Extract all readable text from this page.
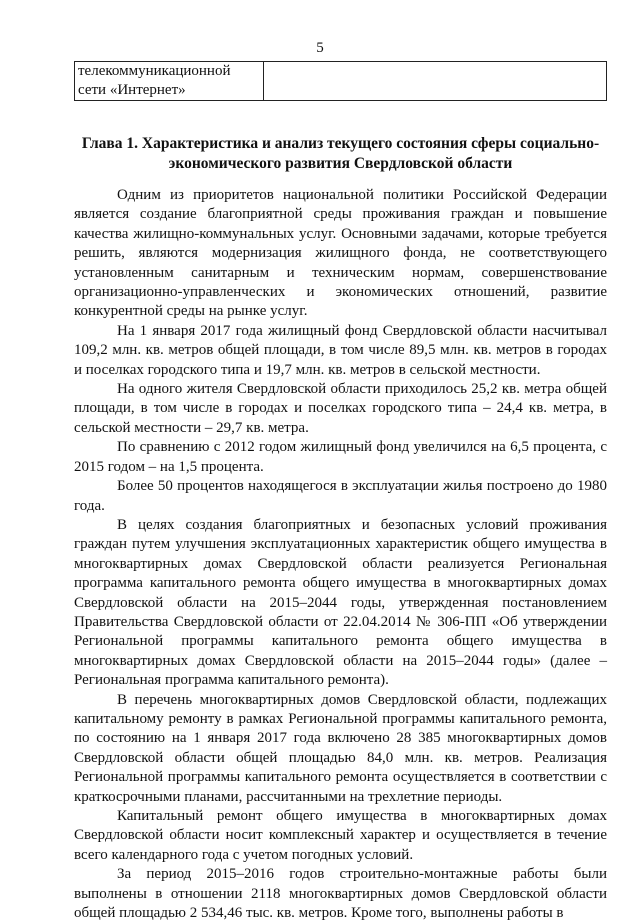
5
телекоммуникационной
сети «Интернет»

Глава 1. Характеристика и анализ текущего состояния сферы социально-
экономического развития Свердловской области

Одним из приоритетов национальной политики Российской Федерации является создание благоприятной среды проживания граждан и повышение качества жилищно-коммунальных услуг. Основными задачами, которые требуется решить, являются модернизация жилищного фонда, не соответствующего установленным санитарным и техническим нормам, совершенствование организационно-управленческих и экономических отношений, развитие конкурентной среды на рынке услуг.

На 1 января 2017 года жилищный фонд Свердловской области насчитывал 109,2 млн. кв. метров общей площади, в том числе 89,5 млн. кв. метров в городах и поселках городского типа и 19,7 млн. кв. метров в сельской местности.

На одного жителя Свердловской области приходилось 25,2 кв. метра общей площади, в том числе в городах и поселках городского типа – 24,4 кв. метра, в сельской местности – 29,7 кв. метра.

По сравнению с 2012 годом жилищный фонд увеличился на 6,5 процента, с 2015 годом – на 1,5 процента.

Более 50 процентов находящегося в эксплуатации жилья построено до 1980 года.

В целях создания благоприятных и безопасных условий проживания граждан путем улучшения эксплуатационных характеристик общего имущества в многоквартирных домах Свердловской области реализуется Региональная программа капитального ремонта общего имущества в многоквартирных домах Свердловской области на 2015–2044 годы, утвержденная постановлением Правительства Свердловской области от 22.04.2014 № 306-ПП «Об утверждении Региональной программы капитального ремонта общего имущества в многоквартирных домах Свердловской области на 2015–2044 годы» (далее – Региональная программа капитального ремонта).

В перечень многоквартирных домов Свердловской области, подлежащих капитальному ремонту в рамках Региональной программы капитального ремонта, по состоянию на 1 января 2017 года включено 28 385 многоквартирных домов Свердловской области общей площадью 84,0 млн. кв. метров. Реализация Региональной программы капитального ремонта осуществляется в соответствии с краткосрочными планами, рассчитанными на трехлетние периоды.

Капитальный ремонт общего имущества в многоквартирных домах Свердловской области носит комплексный характер и осуществляется в течение всего календарного года с учетом погодных условий.

За период 2015–2016 годов строительно-монтажные работы были выполнены в отношении 2118 многоквартирных домов Свердловской области общей площадью 2 534,46 тыс. кв. метров. Кроме того, выполнены работы в
